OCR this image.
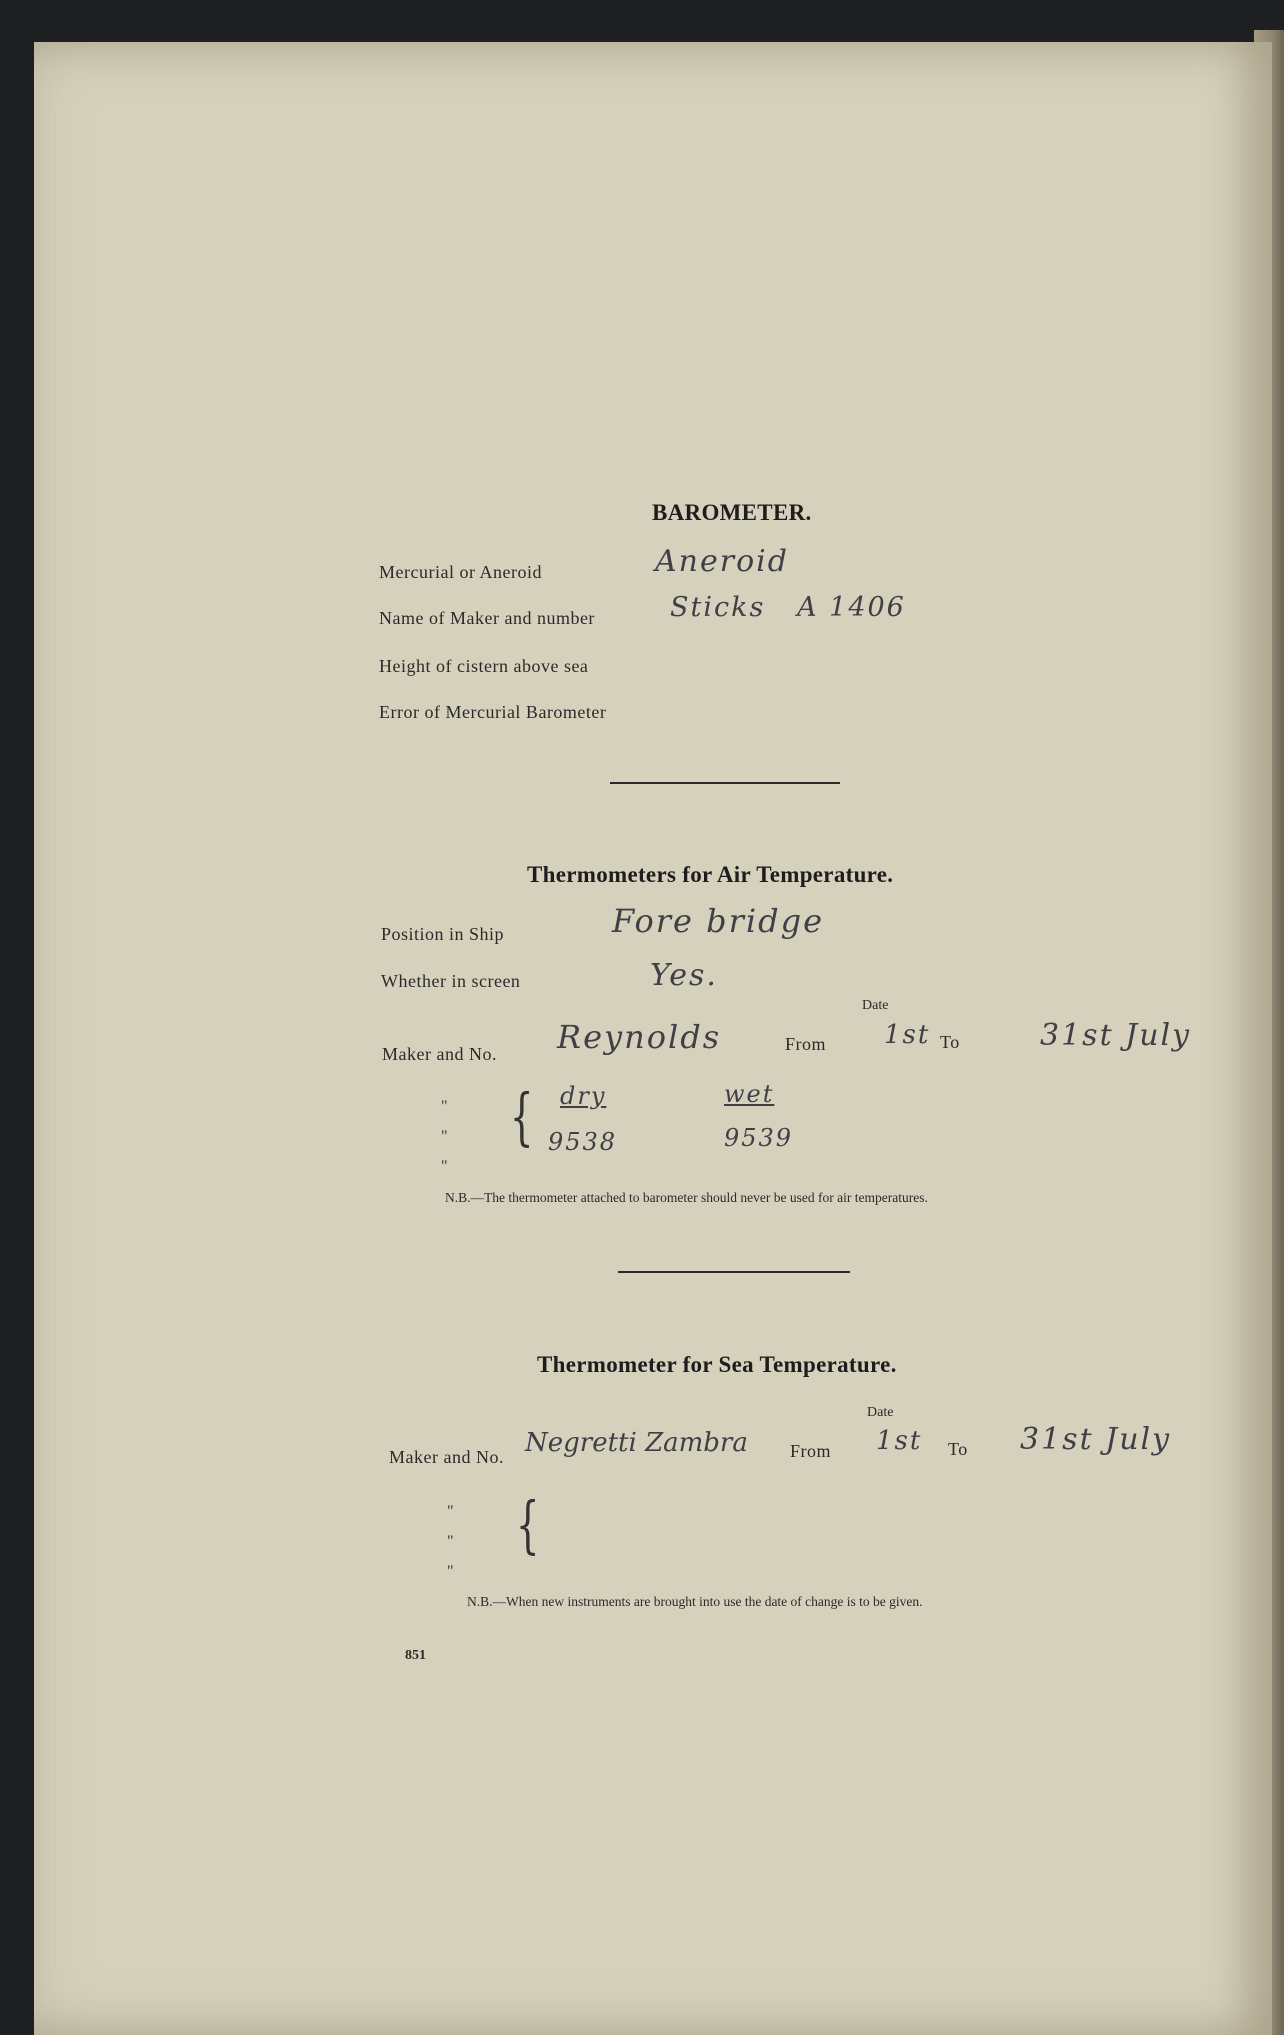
BAROMETER.
Mercurial or Aneroid	Aneroid
Name of Maker and number	Sticks   A 1406
Height of cistern above sea
Error of Mercurial Barometer
Thermometers for Air Temperature.
Position in Ship	Fore bridge
Whether in screen	Yes.
Date
Maker and No. Reynolds	From 1st To	31st July
"
"
"
{ dry	wet
9538	9539
N.B.—The thermometer attached to barometer should never be used for air temperatures.
Thermometer for Sea Temperature.
Date
Maker and No. Negretti Zambra From 1st To 31st July
"
"
"
{
N.B.—When new instruments are brought into use the date of change is to be given.
851
